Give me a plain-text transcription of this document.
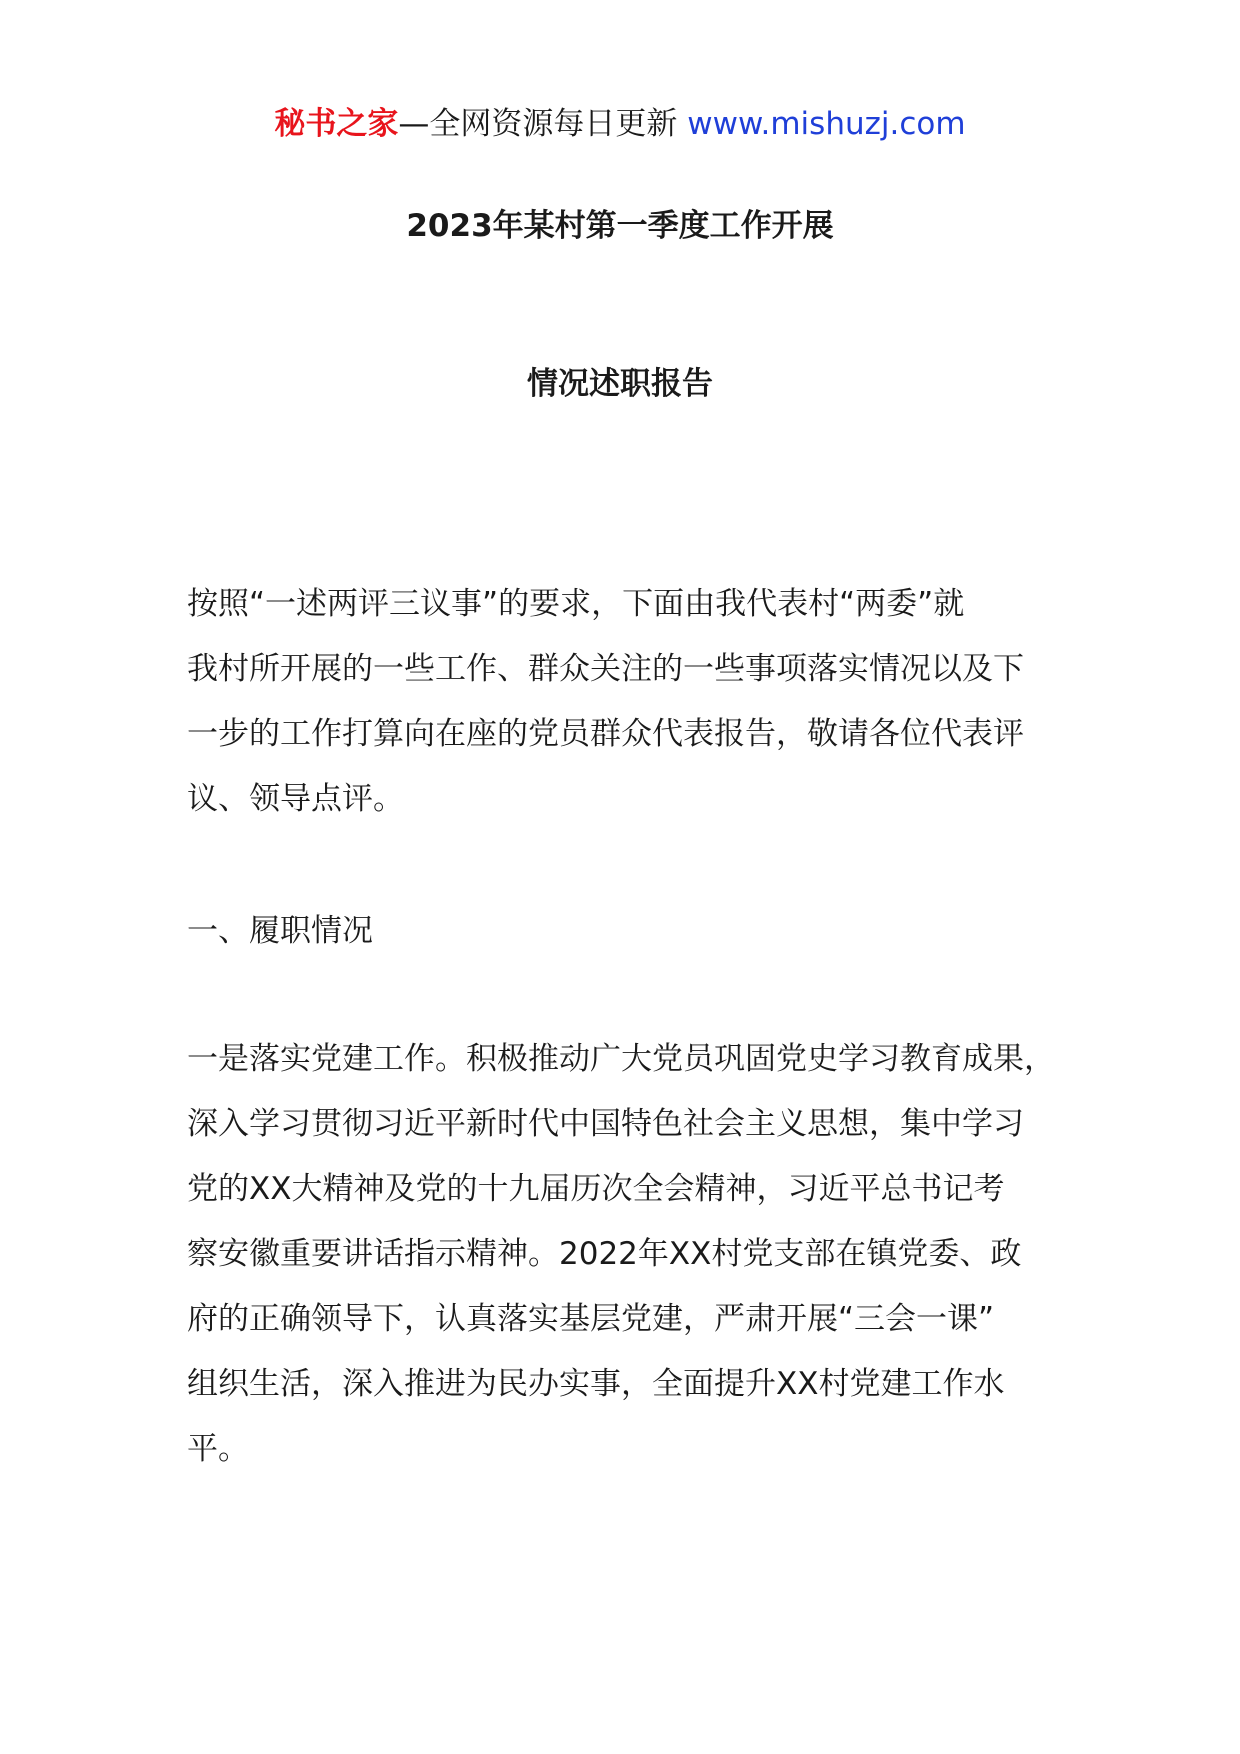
秘书之家—全网资源每日更新 www.mishuzj.com
2023年某村第一季度工作开展
情况述职报告
按照“一述两评三议事”的要求，下面由我代表村“两委”就
我村所开展的一些工作、群众关注的一些事项落实情况以及下
一步的工作打算向在座的党员群众代表报告，敬请各位代表评
议、领导点评。
一、履职情况
一是落实党建工作。积极推动广大党员巩固党史学习教育成果，
深入学习贯彻习近平新时代中国特色社会主义思想，集中学习
党的XX大精神及党的十九届历次全会精神，习近平总书记考
察安徽重要讲话指示精神。2022年XX村党支部在镇党委、政
府的正确领导下，认真落实基层党建，严肃开展“三会一课”
组织生活，深入推进为民办实事，全面提升XX村党建工作水
平。
